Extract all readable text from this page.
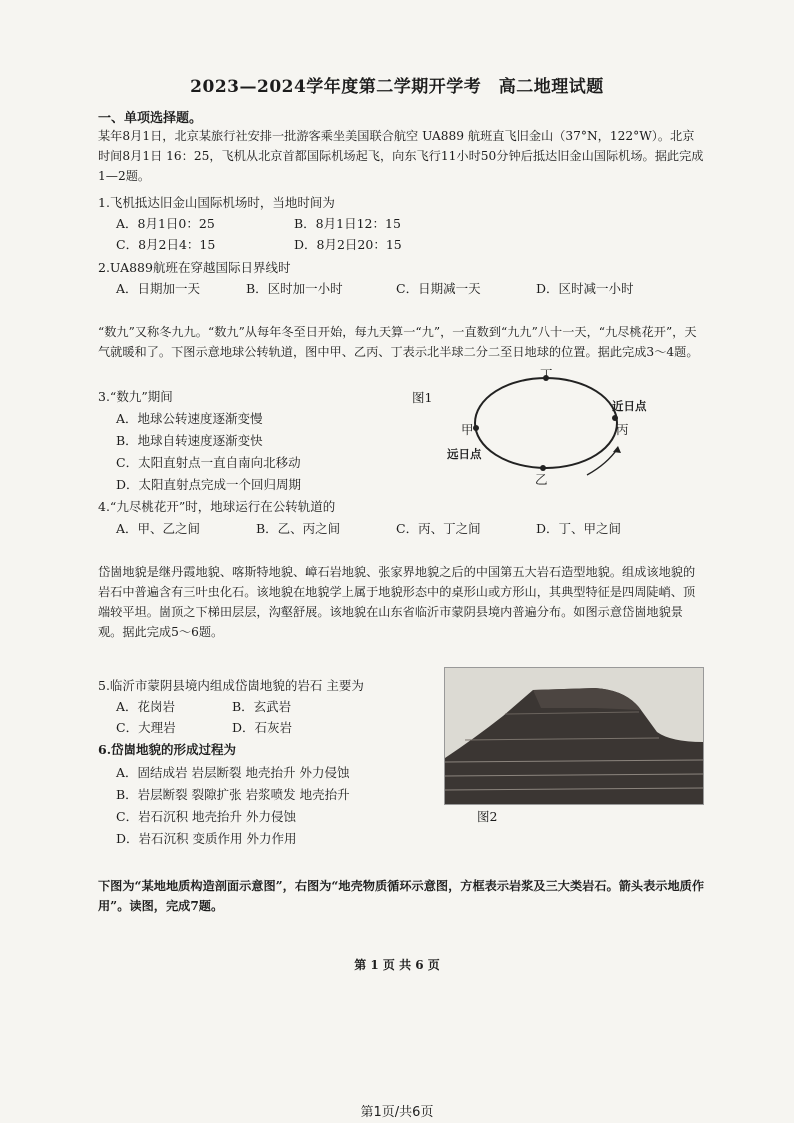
2023—2024学年度第二学期开学考　高二地理试题
一、单项选择题。
某年8月1日，北京某旅行社安排一批游客乘坐美国联合航空 UA889 航班直飞旧金山（37°N，122°W）。北京时间8月1日 16：25，飞机从北京首都国际机场起飞，向东飞行11小时50分钟后抵达旧金山国际机场。据此完成1—2题。
1.飞机抵达旧金山国际机场时，当地时间为
A．8月1日0：25	B．8月1日12：15
C．8月2日4：15	D．8月2日20：15
2.UA889航班在穿越国际日界线时
A．日期加一天	B．区时加一小时	C．日期减一天	D．区时减一小时
“数九”又称冬九九。“数九”从每年冬至日开始，每九天算一“九”，一直数到“九九”八十一天，“九尽桃花开”，天气就暖和了。下图示意地球公转轨道，图中甲、乙丙、丁表示北半球二分二至日地球的位置。据此完成3～4题。
3.“数九”期间
A．地球公转速度逐渐变慢
B．地球自转速度逐渐变快
C．太阳直射点一直自南向北移动
D．太阳直射点完成一个回归周期
图1
丁
甲	丙
乙
近日点
远日点
4.“九尽桃花开”时，地球运行在公转轨道的
A．甲、乙之间	B．乙、丙之间	C．丙、丁之间	D．丁、甲之间
岱崮地貌是继丹霞地貌、喀斯特地貌、嶂石岩地貌、张家界地貌之后的中国第五大岩石造型地貌。组成该地貌的岩石中普遍含有三叶虫化石。该地貌在地貌学上属于地貌形态中的桌形山或方形山，其典型特征是四周陡峭、顶端较平坦。崮顶之下梯田层层，沟壑舒展。该地貌在山东省临沂市蒙阴县境内普遍分布。如图示意岱崮地貌景观。据此完成5～6题。
5.临沂市蒙阴县境内组成岱崮地貌的岩石 主要为
A．花岗岩	B．玄武岩
C．大理岩	D．石灰岩
6.岱崮地貌的形成过程为
A．固结成岩 岩层断裂 地壳抬升 外力侵蚀
B．岩层断裂 裂隙扩张 岩浆喷发 地壳抬升
C．岩石沉积 地壳抬升 外力侵蚀
D．岩石沉积 变质作用 外力作用
图2
下图为“某地地质构造剖面示意图”，右图为“地壳物质循环示意图，方框表示岩浆及三大类岩石。箭头表示地质作用”。读图，完成7题。
第 1 页 共 6 页
第1页/共6页
